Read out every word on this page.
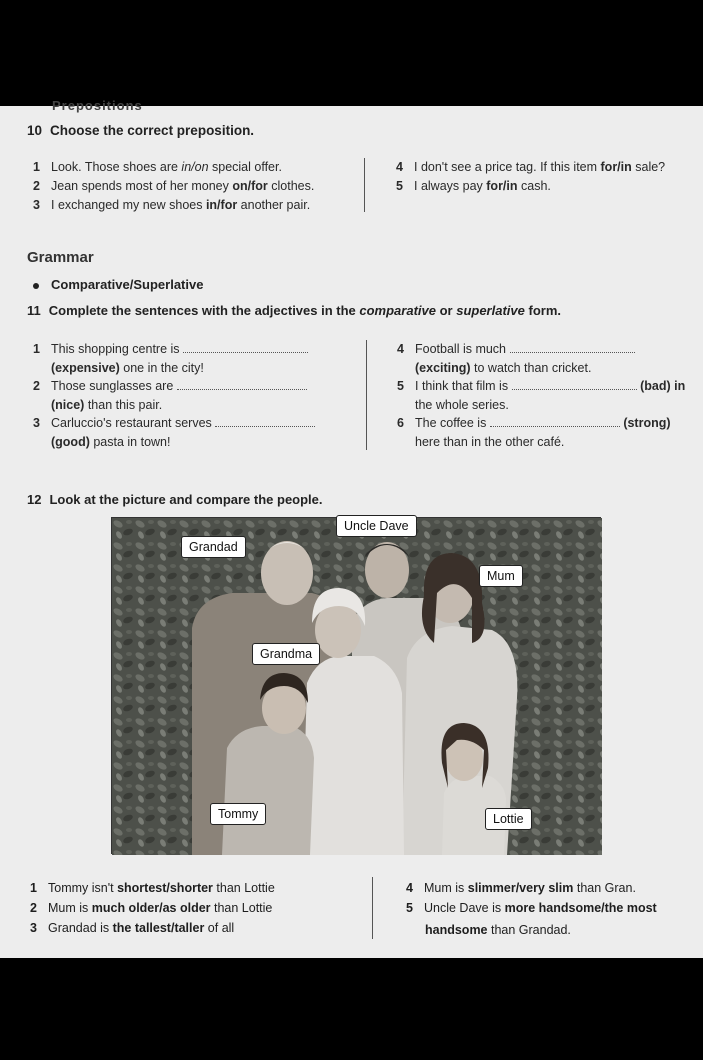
Prepositions
10 Choose the correct preposition.
1 Look. Those shoes are in/on special offer.
2 Jean spends most of her money on/for clothes.
3 I exchanged my new shoes in/for another pair.
4 I don't see a price tag. If this item for/in sale?
5 I always pay for/in cash.
Grammar
Comparative/Superlative
11 Complete the sentences with the adjectives in the comparative or superlative form.
1 This shopping centre is
(expensive) one in the city!
2 Those sunglasses are
(nice) than this pair.
3 Carluccio's restaurant serves
(good) pasta in town!
4 Football is much
(exciting) to watch than cricket.
5 I think that film is	(bad) in
the whole series.
6 The coffee is	(strong)
here than in the other café.
12 Look at the picture and compare the people.
Uncle Dave
Grandad
Mum
Grandma
Tommy	Lottie
1 Tommy isn't shortest/shorter than Lottie
2 Mum is much older/as older than Lottie
3 Grandad is the tallest/taller of all
4 Mum is slimmer/very slim than Gran.
5 Uncle Dave is more handsome/the most
handsome than Grandad.
